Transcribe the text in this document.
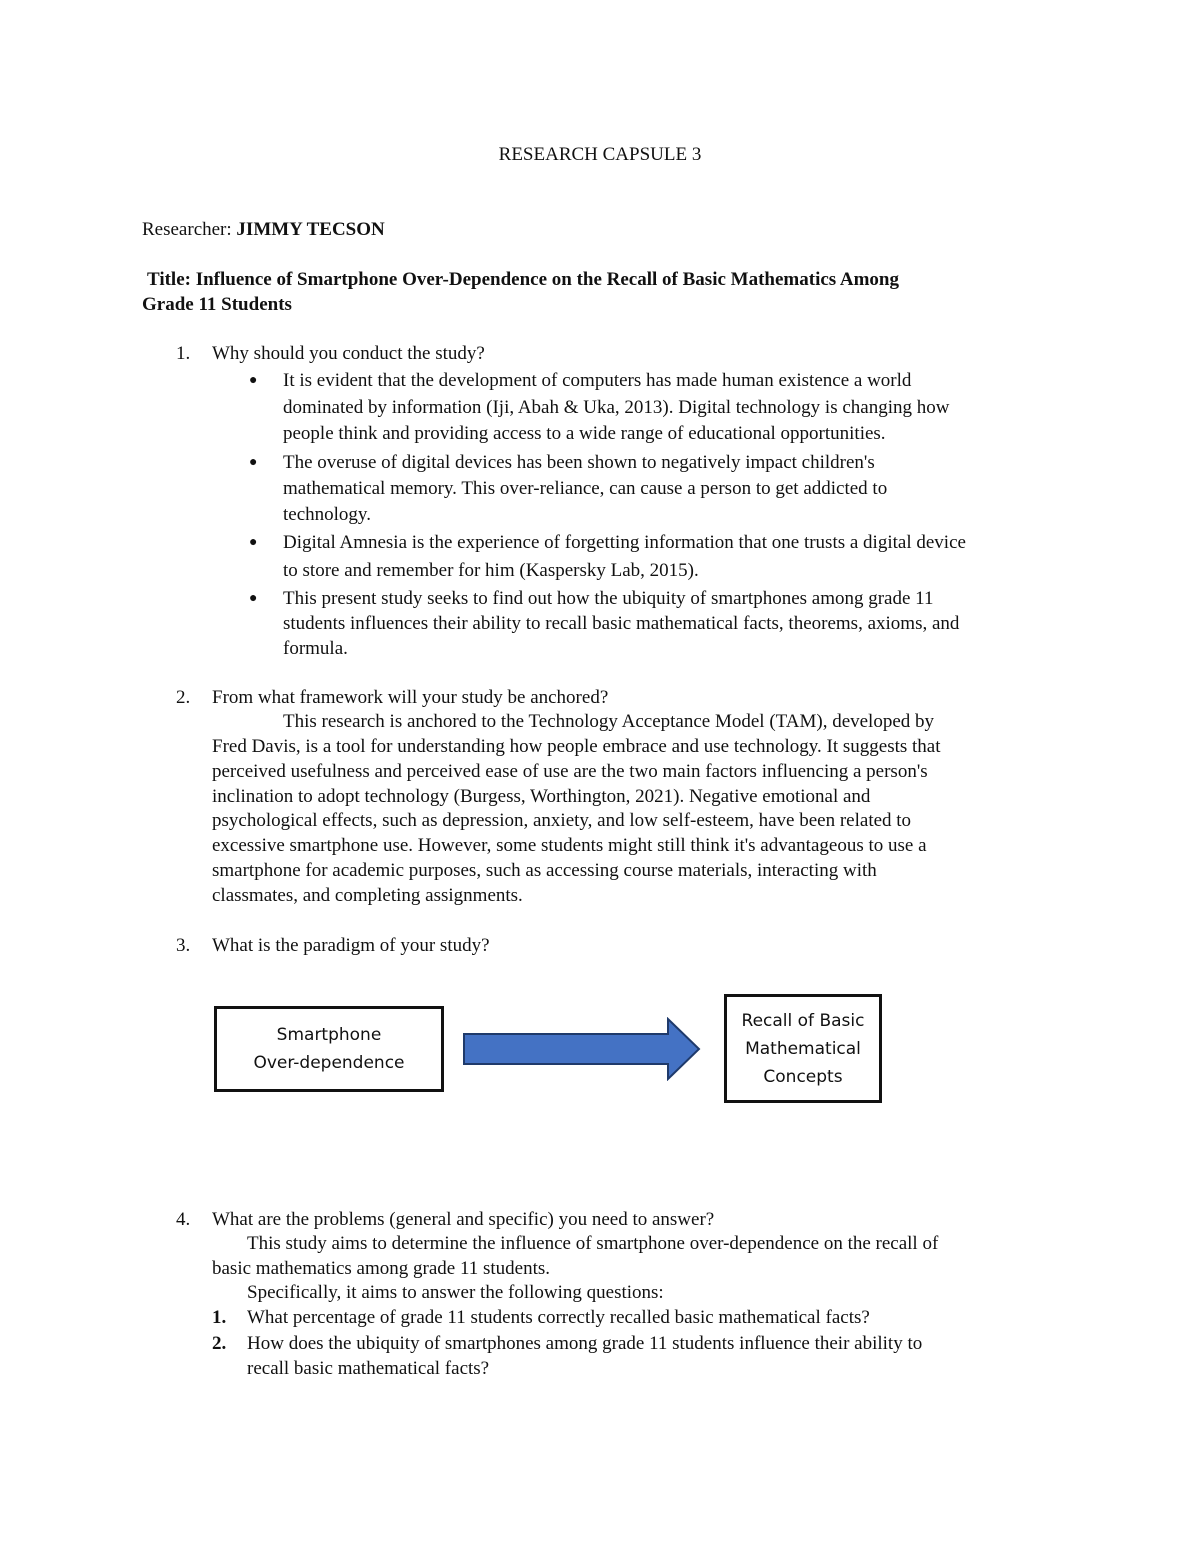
RESEARCH CAPSULE 3
Researcher: JIMMY TECSON
Title: Influence of Smartphone Over-Dependence on the Recall of Basic Mathematics Among
Grade 11 Students
1. Why should you conduct the study?
● It is evident that the development of computers has made human existence a world
dominated by information (Iji, Abah & Uka, 2013). Digital technology is changing how
people think and providing access to a wide range of educational opportunities.
● The overuse of digital devices has been shown to negatively impact children's
mathematical memory. This over-reliance, can cause a person to get addicted to
technology.
● Digital Amnesia is the experience of forgetting information that one trusts a digital device
to store and remember for him (Kaspersky Lab, 2015).
● This present study seeks to find out how the ubiquity of smartphones among grade 11
students influences their ability to recall basic mathematical facts, theorems, axioms, and
formula.
2. From what framework will your study be anchored?
This research is anchored to the Technology Acceptance Model (TAM), developed by
Fred Davis, is a tool for understanding how people embrace and use technology. It suggests that
perceived usefulness and perceived ease of use are the two main factors influencing a person's
inclination to adopt technology (Burgess, Worthington, 2021). Negative emotional and
psychological effects, such as depression, anxiety, and low self-esteem, have been related to
excessive smartphone use. However, some students might still think it's advantageous to use a
smartphone for academic purposes, such as accessing course materials, interacting with
classmates, and completing assignments.
3. What is the paradigm of your study?
Smartphone
Over-dependence
Recall of Basic
Mathematical
Concepts
4. What are the problems (general and specific) you need to answer?
This study aims to determine the influence of smartphone over-dependence on the recall of
basic mathematics among grade 11 students.
Specifically, it aims to answer the following questions:
1. What percentage of grade 11 students correctly recalled basic mathematical facts?
2. How does the ubiquity of smartphones among grade 11 students influence their ability to
recall basic mathematical facts?
